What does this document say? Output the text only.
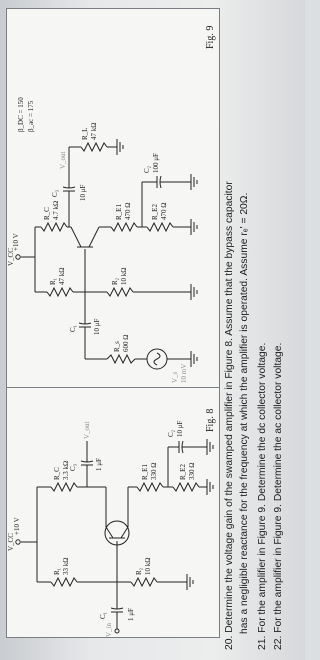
V_CC
+10 V
R₁ 33 kΩ	R₂ 10 kΩ
C₁	1 μF
V_in
R_C 3.3 kΩ C₃	1 μF
V_out
R_E1 330 Ω	R_E2 330 Ω
C₂ 10 μF Fig. 8
V_CC
+10 V
V_s 10 mV
R_s 600 Ω
C₁ 10 μF
R₁ 47 kΩ	R₂ 10 kΩ
R_C 4.7 kΩ
C₃	10 μF
R_L 47 kΩ
V_out
R_E1 470 Ω	R_E2 470 Ω
C₂ 100 μF
β_DC = 150 β_ac = 175
Fig. 9
20. Determine the voltage gain of the swamped amplifier in Figure 8. Assume that the bypass capacitor has a negligible reactance for the frequency at which the amplifier is operated. Assume rₑ' = 20Ω.
21. For the amplifier in Figure 9. Determine the dc collector voltage.
22. For the amplifier in Figure 9. Determine the ac collector voltage.
